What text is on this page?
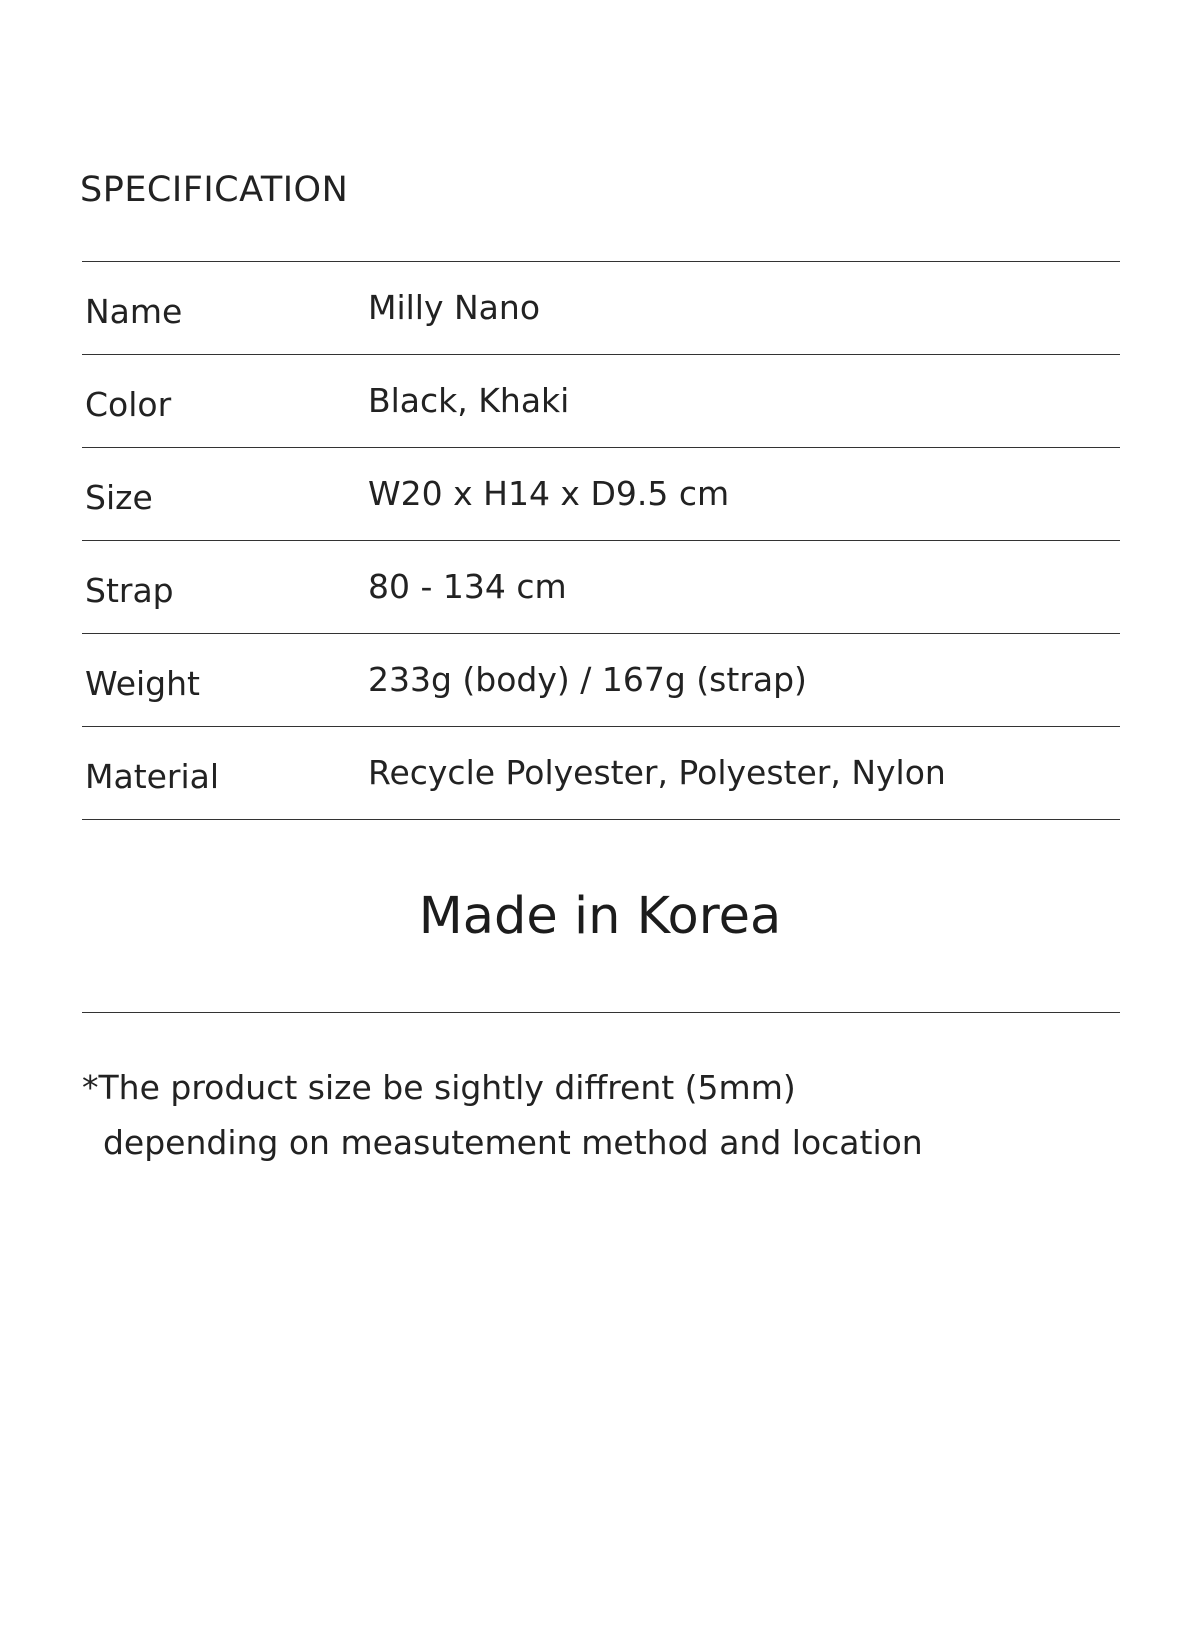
SPECIFICATION
Name	Milly Nano
Color	Black, Khaki
Size	W20 x H14 x D9.5 cm
Strap	80 - 134 cm
Weight	233g (body) / 167g (strap)
Material	Recycle Polyester, Polyester, Nylon
Made in Korea
*The product size be sightly diffrent (5mm)
depending on measutement method and location
